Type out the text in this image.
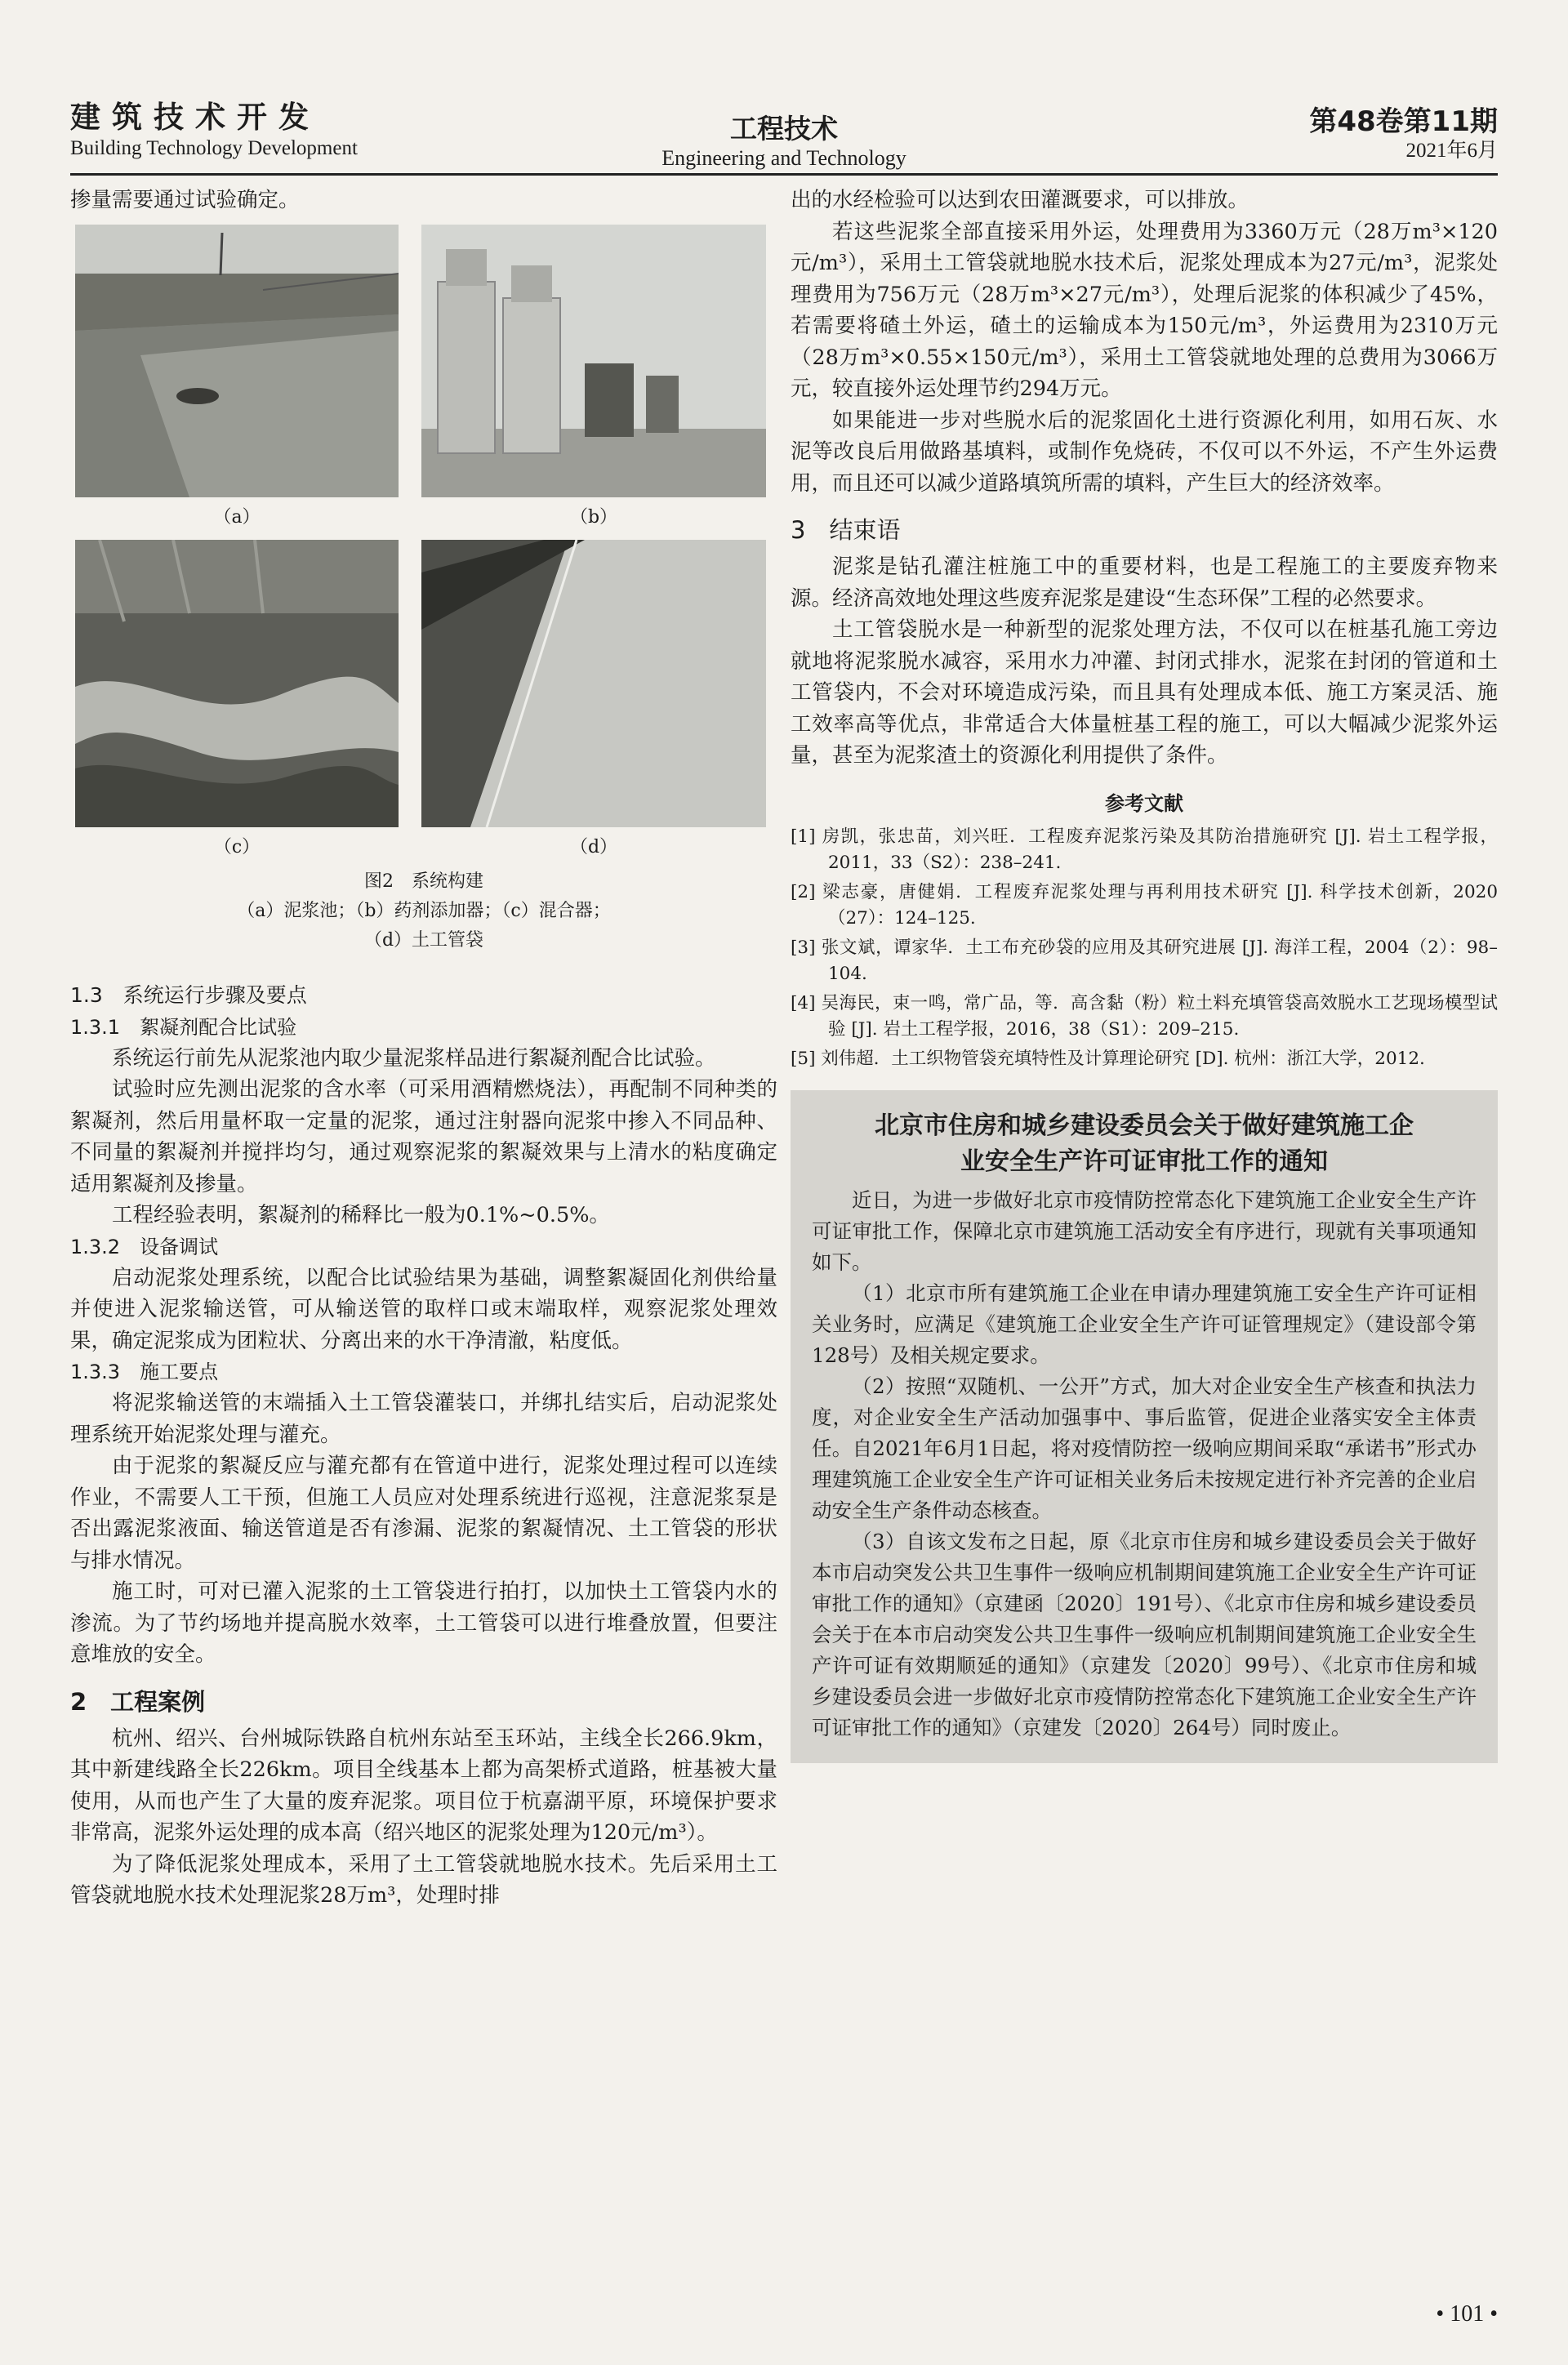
建筑技术开发
Building Technology Development
工程技术
Engineering and Technology
第48卷第11期
2021年6月

掺量需要通过试验确定。

（a）	（b）
（c）	（d）
图2　系统构建
（a）泥浆池；（b）药剂添加器；（c）混合器；
（d）土工管袋
1.3　系统运行步骤及要点
1.3.1　絮凝剂配合比试验

系统运行前先从泥浆池内取少量泥浆样品进行絮凝剂配合比试验。

试验时应先测出泥浆的含水率（可采用酒精燃烧法），再配制不同种类的絮凝剂，然后用量杯取一定量的泥浆，通过注射器向泥浆中掺入不同品种、不同量的絮凝剂并搅拌均匀，通过观察泥浆的絮凝效果与上清水的粘度确定适用絮凝剂及掺量。

工程经验表明，絮凝剂的稀释比一般为0.1%~0.5%。

1.3.2　设备调试

启动泥浆处理系统，以配合比试验结果为基础，调整絮凝固化剂供给量并使进入泥浆输送管，可从输送管的取样口或末端取样，观察泥浆处理效果，确定泥浆成为团粒状、分离出来的水干净清澈，粘度低。

1.3.3　施工要点

将泥浆输送管的末端插入土工管袋灌装口，并绑扎结实后，启动泥浆处理系统开始泥浆处理与灌充。

由于泥浆的絮凝反应与灌充都有在管道中进行，泥浆处理过程可以连续作业，不需要人工干预，但施工人员应对处理系统进行巡视，注意泥浆泵是否出露泥浆液面、输送管道是否有渗漏、泥浆的絮凝情况、土工管袋的形状与排水情况。

施工时，可对已灌入泥浆的土工管袋进行拍打，以加快土工管袋内水的渗流。为了节约场地并提高脱水效率，土工管袋可以进行堆叠放置，但要注意堆放的安全。

2　工程案例

杭州、绍兴、台州城际铁路自杭州东站至玉环站，主线全长266.9km，其中新建线路全长226km。项目全线基本上都为高架桥式道路，桩基被大量使用，从而也产生了大量的废弃泥浆。项目位于杭嘉湖平原，环境保护要求非常高，泥浆外运处理的成本高（绍兴地区的泥浆处理为120元/m³）。

为了降低泥浆处理成本，采用了土工管袋就地脱水技术。先后采用土工管袋就地脱水技术处理泥浆28万m³，处理时排

出的水经检验可以达到农田灌溉要求，可以排放。

若这些泥浆全部直接采用外运，处理费用为3360万元（28万m³×120元/m³），采用土工管袋就地脱水技术后，泥浆处理成本为27元/m³，泥浆处理费用为756万元（28万m³×27元/m³），处理后泥浆的体积减少了45%，若需要将碴土外运，碴土的运输成本为150元/m³，外运费用为2310万元（28万m³×0.55×150元/m³），采用土工管袋就地处理的总费用为3066万元，较直接外运处理节约294万元。

如果能进一步对些脱水后的泥浆固化土进行资源化利用，如用石灰、水泥等改良后用做路基填料，或制作免烧砖，不仅可以不外运，不产生外运费用，而且还可以减少道路填筑所需的填料，产生巨大的经济效率。

3　结束语

泥浆是钻孔灌注桩施工中的重要材料，也是工程施工的主要废弃物来源。经济高效地处理这些废弃泥浆是建设“生态环保”工程的必然要求。

土工管袋脱水是一种新型的泥浆处理方法，不仅可以在桩基孔施工旁边就地将泥浆脱水减容，采用水力冲灌、封闭式排水，泥浆在封闭的管道和土工管袋内，不会对环境造成污染，而且具有处理成本低、施工方案灵活、施工效率高等优点，非常适合大体量桩基工程的施工，可以大幅减少泥浆外运量，甚至为泥浆渣土的资源化利用提供了条件。

参考文献
[1] 房凯，张忠苗，刘兴旺．工程废弃泥浆污染及其防治措施研究 [J]. 岩土工程学报，2011，33（S2）：238–241.
[2] 梁志豪，唐健娟．工程废弃泥浆处理与再利用技术研究 [J]. 科学技术创新，2020（27）：124–125.
[3] 张文斌，谭家华．土工布充砂袋的应用及其研究进展 [J]. 海洋工程，2004（2）：98–104.
[4] 吴海民，束一鸣，常广品，等．高含黏（粉）粒土料充填管袋高效脱水工艺现场模型试验 [J]. 岩土工程学报，2016，38（S1）：209–215.
[5] 刘伟超．土工织物管袋充填特性及计算理论研究 [D]. 杭州：浙江大学，2012.
北京市住房和城乡建设委员会关于做好建筑施工企
业安全生产许可证审批工作的通知

近日，为进一步做好北京市疫情防控常态化下建筑施工企业安全生产许可证审批工作，保障北京市建筑施工活动安全有序进行，现就有关事项通知如下。

（1）北京市所有建筑施工企业在申请办理建筑施工安全生产许可证相关业务时，应满足《建筑施工企业安全生产许可证管理规定》（建设部令第128号）及相关规定要求。

（2）按照“双随机、一公开”方式，加大对企业安全生产核查和执法力度，对企业安全生产活动加强事中、事后监管，促进企业落实安全主体责任。自2021年6月1日起，将对疫情防控一级响应期间采取“承诺书”形式办理建筑施工企业安全生产许可证相关业务后未按规定进行补齐完善的企业启动安全生产条件动态核查。

（3）自该文发布之日起，原《北京市住房和城乡建设委员会关于做好本市启动突发公共卫生事件一级响应机制期间建筑施工企业安全生产许可证审批工作的通知》（京建函〔2020〕191号）、《北京市住房和城乡建设委员会关于在本市启动突发公共卫生事件一级响应机制期间建筑施工企业安全生产许可证有效期顺延的通知》（京建发〔2020〕99号）、《北京市住房和城乡建设委员会进一步做好北京市疫情防控常态化下建筑施工企业安全生产许可证审批工作的通知》（京建发〔2020〕264号）同时废止。

• 101 •
